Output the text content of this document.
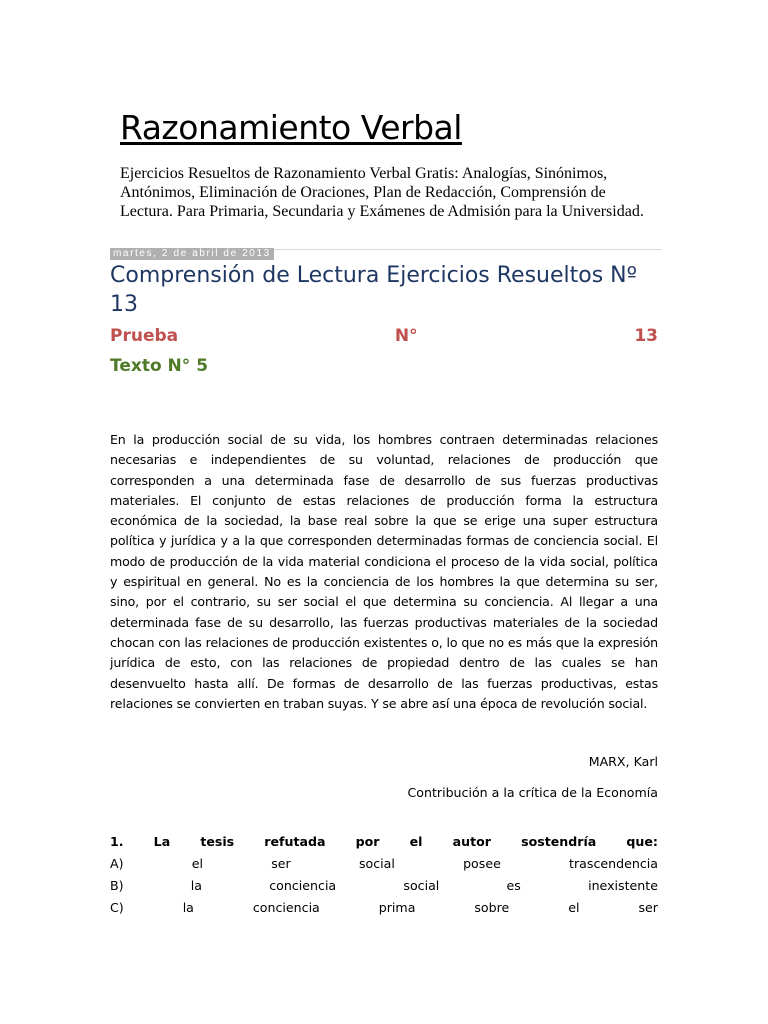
Razonamiento Verbal

Ejercicios Resueltos de Razonamiento Verbal Gratis: Analogías, Sinónimos, Antónimos, Eliminación de Oraciones, Plan de Redacción, Comprensión de Lectura. Para Primaria, Secundaria y Exámenes de Admisión para la Universidad.

martes, 2 de abril de 2013
Comprensión de Lectura Ejercicios Resueltos Nº 13
Prueba	N°	13
Texto N° 5

En la producción social de su vida, los hombres contraen determinadas relaciones necesarias e independientes de su voluntad, relaciones de producción que corresponden a una determinada fase de desarrollo de sus fuerzas productivas materiales. El conjunto de estas relaciones de producción forma la estructura económica de la sociedad, la base real sobre la que se erige una super estructura política y jurídica y a la que corresponden determinadas formas de conciencia social. El modo de producción de la vida material condiciona el proceso de la vida social, política y espiritual en general. No es la conciencia de los hombres la que determina su ser, sino, por el contrario, su ser social el que determina su conciencia. Al llegar a una determinada fase de su desarrollo, las fuerzas productivas materiales de la sociedad chocan con las relaciones de producción existentes o, lo que no es más que la expresión jurídica de esto, con las relaciones de propiedad dentro de las cuales se han desenvuelto hasta allí. De formas de desarrollo de las fuerzas productivas, estas relaciones se convierten en traban suyas. Y se abre así una época de revolución social.

MARX, Karl
Contribución a la crítica de la Economía
1. La tesis refutada por el autor sostendría que:
A)	el	ser	social	posee	trascendencia
B)	la	conciencia	social	es	inexistente
C)	la	conciencia	prima	sobre	el	ser
